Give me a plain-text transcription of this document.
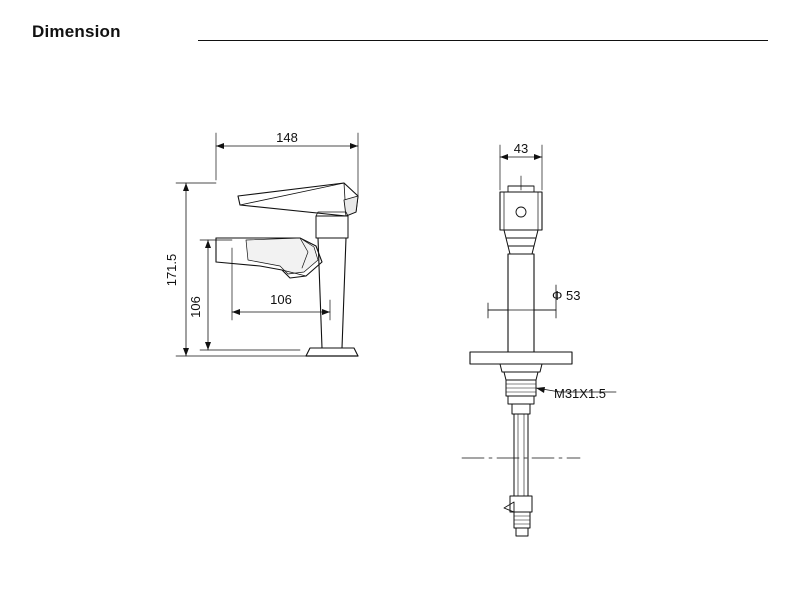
Dimension
148
171.5
106	106
43
Φ 53
M31X1.5
